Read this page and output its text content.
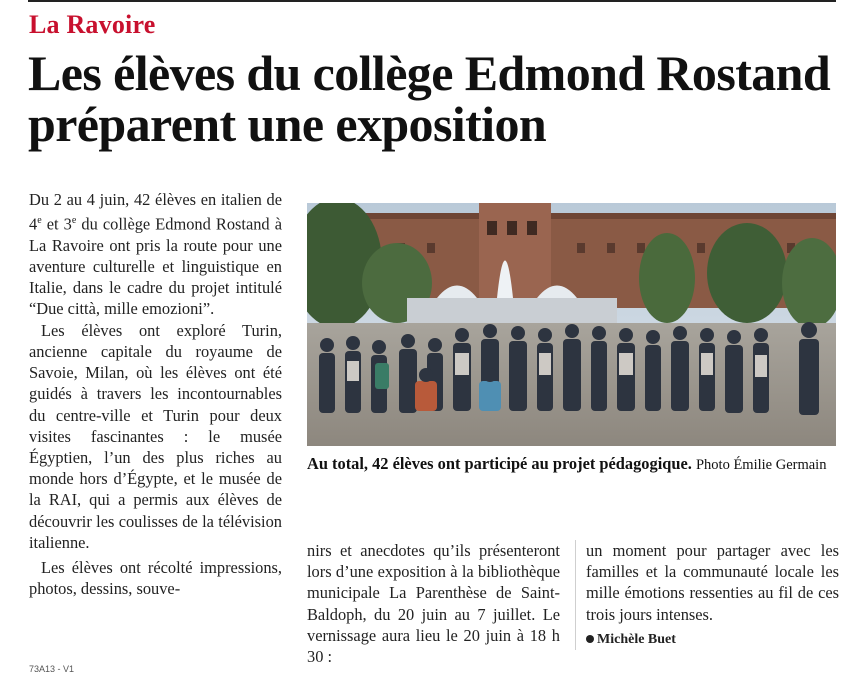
La Ravoire
Les élèves du collège Edmond Rostand préparent une exposition

Du 2 au 4 juin, 42 élèves en italien de 4e et 3e du collège Edmond Rostand à La Ravoire ont pris la route pour une aventure culturelle et linguistique en Italie, dans le cadre du projet intitulé “Due città, mille emozioni”.

Les élèves ont exploré Turin, ancienne capitale du royaume de Savoie, Milan, où les élèves ont été guidés à travers les incontournables du centre-ville et Turin pour deux visites fascinantes : le musée Égyptien, l’un des plus riches au monde hors d’Égypte, et le musée de la RAI, qui a permis aux élèves de découvrir les coulisses de la télévision italienne.

Les élèves ont récolté impressions, photos, dessins, souve-

Au total, 42 élèves ont participé au projet pédagogique. Photo Émilie Germain

nirs et anecdotes qu’ils présenteront lors d’une exposition à la bibliothèque municipale La Parenthèse de Saint-Baldoph, du 20 juin au 7 juillet. Le vernissage aura lieu le 20 juin à 18 h 30 :

un moment pour partager avec les familles et la communauté locale les mille émotions ressenties au fil de ces trois jours intenses.

Michèle Buet
73A13 - V1
